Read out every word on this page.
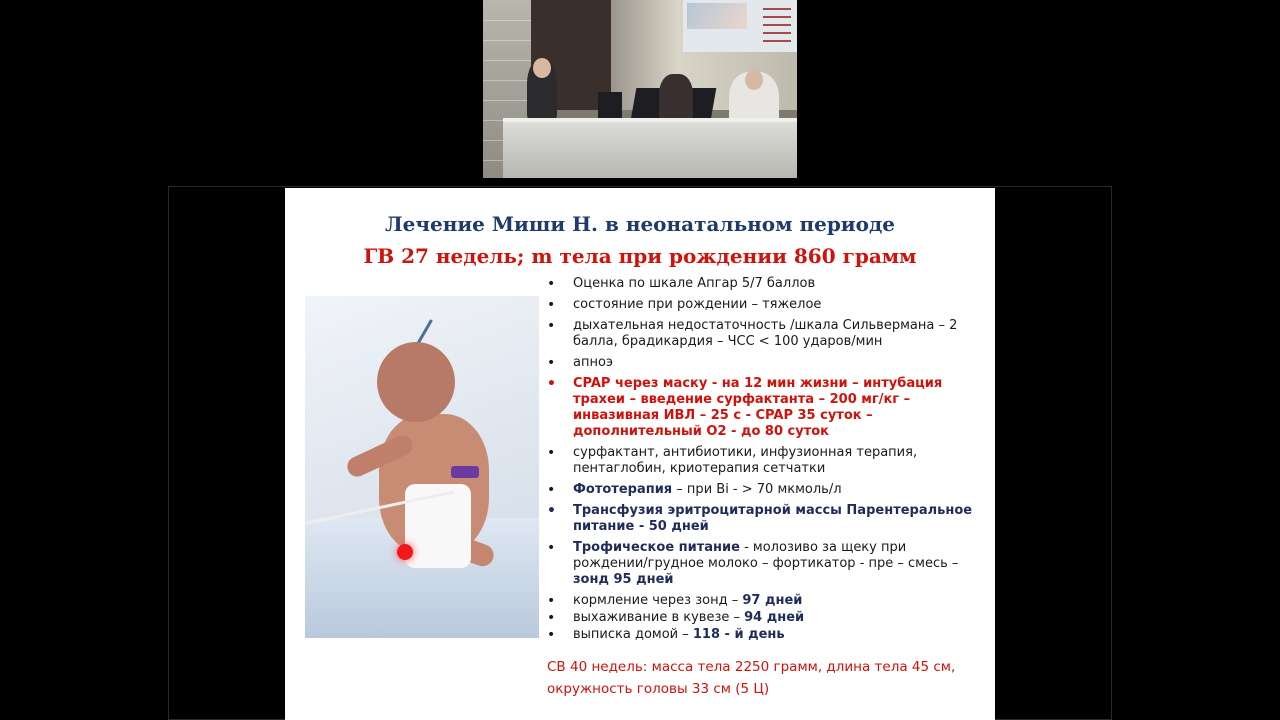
Лечение Миши Н. в неонатальном периоде
ГВ 27 недель; m тела при рождении 860 грамм
• Оценка по шкале Апгар 5/7 баллов
• состояние при рождении – тяжелое
• дыхательная недостаточность /шкала Сильвермана – 2 балла, брадикардия – ЧСС < 100 ударов/мин
• апноэ
• CPAP через маску - на 12 мин жизни – интубация трахеи – введение сурфактанта – 200 мг/кг – инвазивная ИВЛ – 25 с - CPAP 35 суток – дополнительный О2 - до 80 суток
• сурфактант, антибиотики, инфузионная терапия, пентаглобин, криотерапия сетчатки
• Фототерапия – при Bi - > 70 мкмоль/л
• Трансфузия эритроцитарной массы Парентеральное питание - 50 дней
• Трофическое питание - молозиво за щеку при рождении/грудное молоко – фортикатор - пре – смесь – зонд 95 дней
• кормление через зонд – 97 дней
• выхаживание в кувезе – 94 дней
• выписка домой – 118 - й день
СВ 40 недель: масса тела 2250 грамм, длина тела 45 см,
окружность головы 33 см (5 Ц)
